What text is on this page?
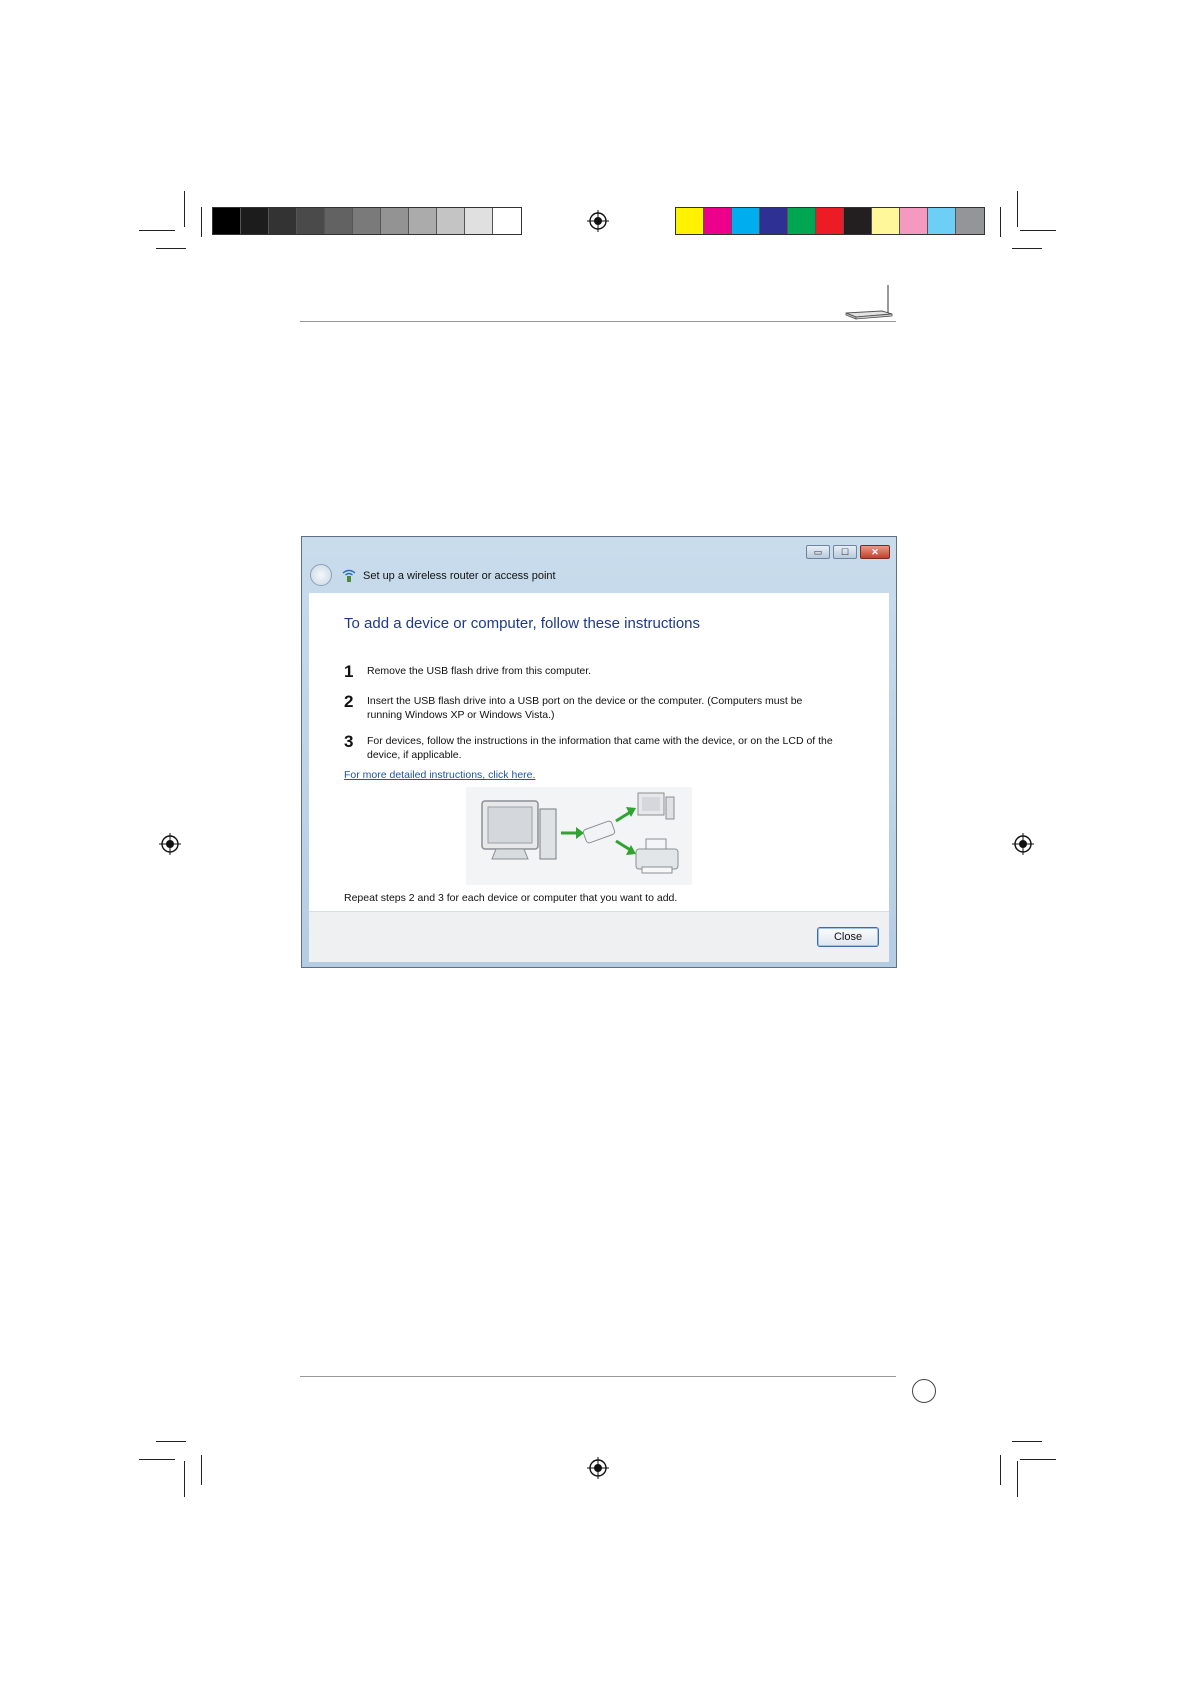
▭	☐	✕
Set up a wireless router or access point
To add a device or computer, follow these instructions
1 Remove the USB flash drive from this computer.
2 Insert the USB flash drive into a USB port on the device or the computer. (Computers must be running Windows XP or Windows Vista.)
3 For devices, follow the instructions in the information that came with the device, or on the LCD of the device, if applicable.
For more detailed instructions, click here.
Repeat steps 2 and 3 for each device or computer that you want to add.
Close
